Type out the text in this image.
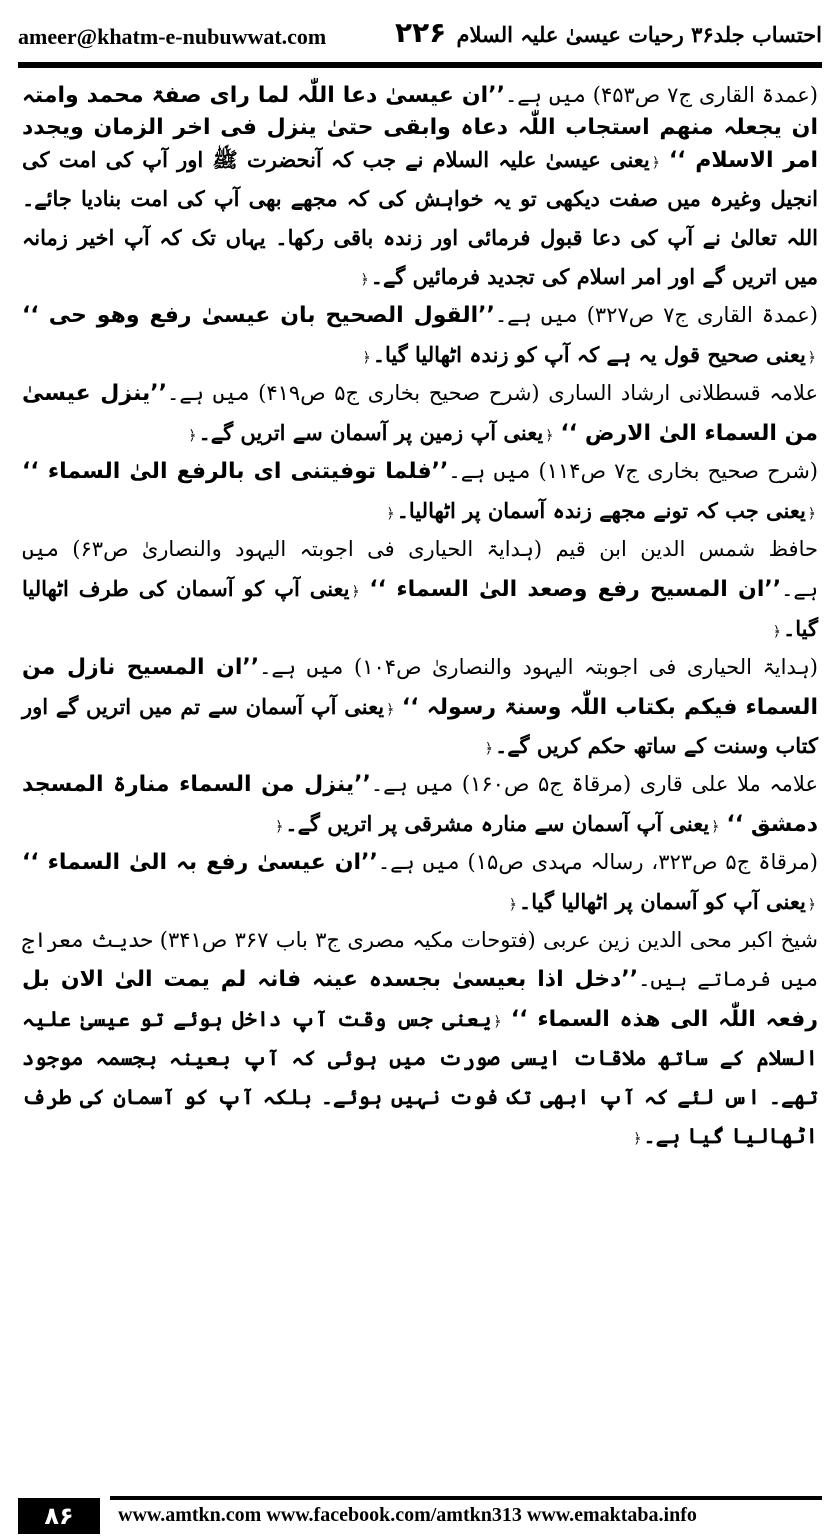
ameer@khatm-e-nubuwwat.com ۲۲۶ احتساب جلد۳۶ رحیات عیسیٰ علیہ السلام

(عمدۃ القاری ج۷ ص۴۵۳) میں ہے۔’’ان عیسیٰ دعا اللّٰہ لما رای صفۃ محمد وامتہ ان یجعلہ منھم استجاب اللّٰہ دعاہ وابقی حتیٰ ینزل فی اخر الزمان ویجدد امر الاسلام ‘‘ ﴿یعنی عیسیٰ علیہ السلام نے جب کہ آنحضرت ﷺ اور آپ کی امت کی انجیل وغیرہ میں صفت دیکھی تو یہ خواہش کی کہ مجھے بھی آپ کی امت بنادیا جائے۔ اللہ تعالیٰ نے آپ کی دعا قبول فرمائی اور زندہ باقی رکھا۔ یہاں تک کہ آپ اخیر زمانہ میں اتریں گے اور امر اسلام کی تجدید فرمائیں گے۔﴿

(عمدۃ القاری ج۷ ص۳۲۷) میں ہے۔’’القول الصحیح بان عیسیٰ رفع وھو حی ‘‘ ﴿یعنی صحیح قول یہ ہے کہ آپ کو زندہ اٹھالیا گیا۔﴿

علامہ قسطلانی ارشاد الساری (شرح صحیح بخاری ج۵ ص۴۱۹) میں ہے۔’’ینزل عیسیٰ من السماء الیٰ الارض ‘‘ ﴿یعنی آپ زمین پر آسمان سے اتریں گے۔﴿

(شرح صحیح بخاری ج۷ ص۱۱۴) میں ہے۔’’فلما توفیتنی ای بالرفع الیٰ السماء ‘‘ ﴿یعنی جب کہ تونے مجھے زندہ آسمان پر اٹھالیا۔﴿

حافظ شمس الدین ابن قیم (ہدایۃ الحیاری فی اجوبتہ الیہود والنصاریٰ ص۶۳) میں ہے۔’’ان المسیح رفع وصعد الیٰ السماء ‘‘ ﴿یعنی آپ کو آسمان کی طرف اٹھالیا گیا۔﴿

(ہدایۃ الحیاری فی اجوبتہ الیہود والنصاریٰ ص۱۰۴) میں ہے۔’’ان المسیح نازل من السماء فیکم بکتاب اللّٰہ وسنۃ رسولہ ‘‘ ﴿یعنی آپ آسمان سے تم میں اتریں گے اور کتاب وسنت کے ساتھ حکم کریں گے۔﴿

علامہ ملا علی قاری (مرقاۃ ج۵ ص۱۶۰) میں ہے۔’’ینزل من السماء منارۃ المسجد دمشق ‘‘ ﴿یعنی آپ آسمان سے منارہ مشرقی پر اتریں گے۔﴿

(مرقاۃ ج۵ ص۳۲۳، رسالہ مہدی ص۱۵) میں ہے۔’’ان عیسیٰ رفع بہ الیٰ السماء ‘‘ ﴿یعنی آپ کو آسمان پر اٹھالیا گیا۔﴿

شیخ اکبر محی الدین زین عربی (فتوحات مکیہ مصری ج۳ باب ۳۶۷ ص۳۴۱) حدیث معراج میں فرماتے ہیں۔’’دخل اذا بعیسیٰ بجسدہ عینہ فانہ لم یمت الیٰ الان بل رفعہ اللّٰہ الی ھذہ السماء ‘‘ ﴿یعنی جس وقت آپ داخل ہوئے تو عیسیٰ علیہ السلام کے ساتھ ملاقات ایسی صورت میں ہوئی کہ آپ بعینہ بجسمہ موجود تھے۔ اس لئے کہ آپ ابھی تک فوت نہیں ہوئے۔ بلکہ آپ کو آسمان کی طرف اٹھالیا گیا ہے۔﴿

۸۶	www.amtkn.com www.facebook.com/amtkn313 www.emaktaba.info
